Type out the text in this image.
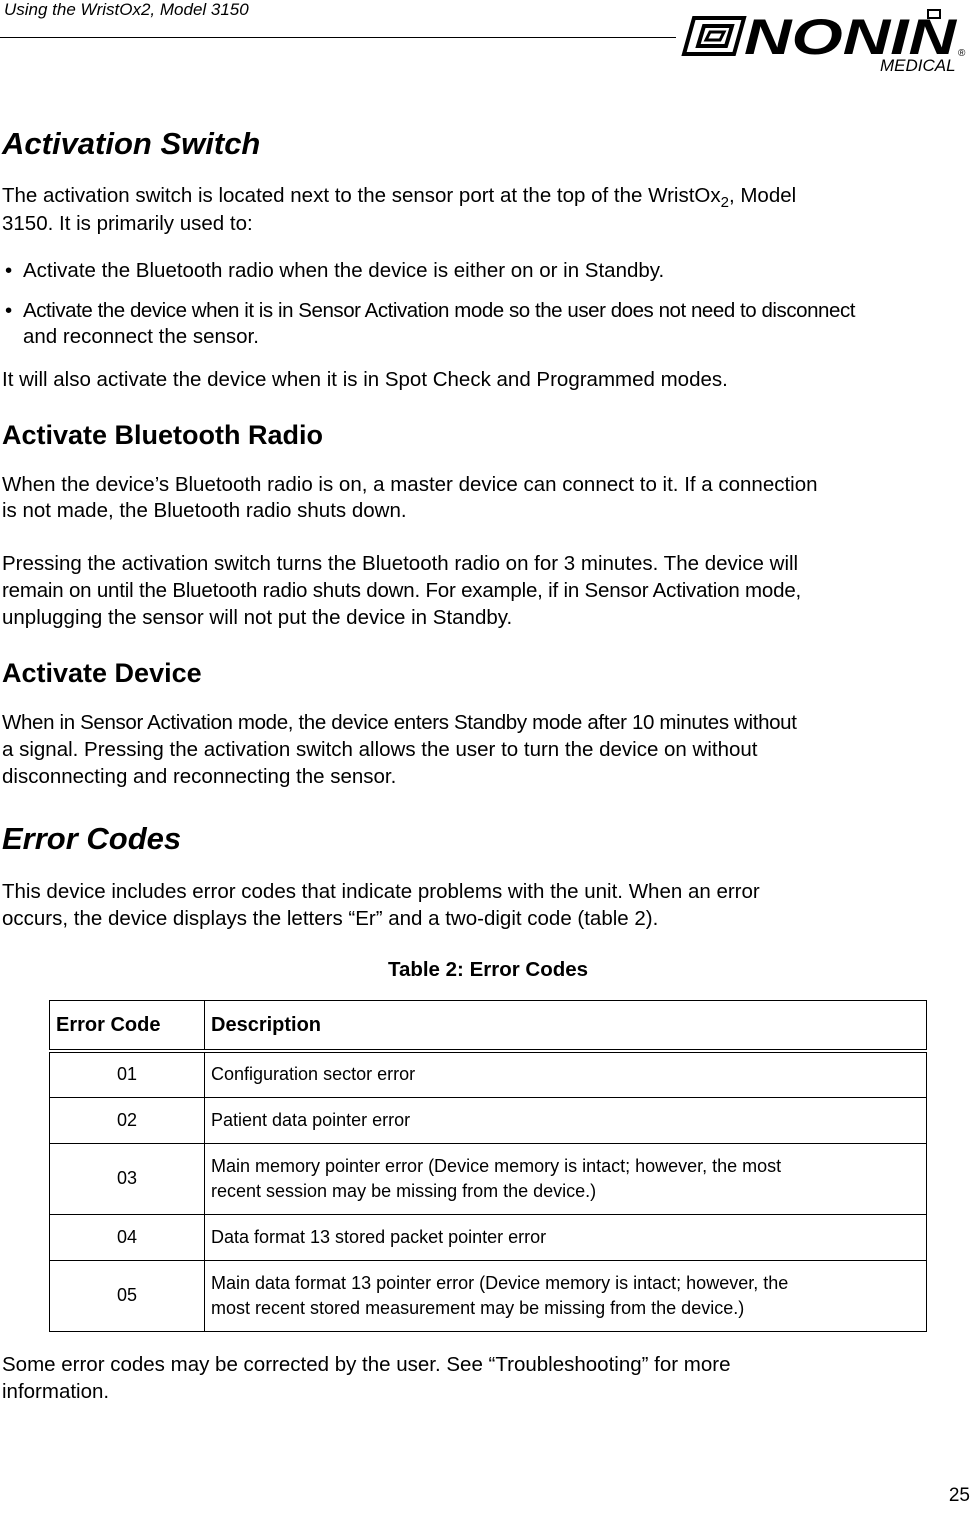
Using the WristOx2, Model 3150	NONIN
MEDICAL
®
Activation Switch

The activation switch is located next to the sensor port at the top of the WristOx$_2$, Model

3150. It is primarily used to:

• Activate the Bluetooth radio when the device is either on or in Standby.
• Activate the device when it is in Sensor Activation mode so the user does not need to disconnect
and reconnect the sensor.

It will also activate the device when it is in Spot Check and Programmed modes.

Activate Bluetooth Radio

When the device’s Bluetooth radio is on, a master device can connect to it. If a connection

is not made, the Bluetooth radio shuts down.

Pressing the activation switch turns the Bluetooth radio on for 3 minutes. The device will

remain on until the Bluetooth radio shuts down. For example, if in Sensor Activation mode,

unplugging the sensor will not put the device in Standby.

Activate Device

When in Sensor Activation mode, the device enters Standby mode after 10 minutes without

a signal. Pressing the activation switch allows the user to turn the device on without

disconnecting and reconnecting the sensor.

Error Codes

This device includes error codes that indicate problems with the unit. When an error

occurs, the device displays the letters “Er” and a two-digit code (table 2).

Table 2: Error Codes
Error Code	Description
01	Configuration sector error
02	Patient data pointer error
03	Main memory pointer error (Device memory is intact; however, the most
recent session may be missing from the device.)

04	Data format 13 stored packet pointer error
05	Main data format 13 pointer error (Device memory is intact; however, the
most recent stored measurement may be missing from the device.)

Some error codes may be corrected by the user. See “Troubleshooting” for more

information.

25
